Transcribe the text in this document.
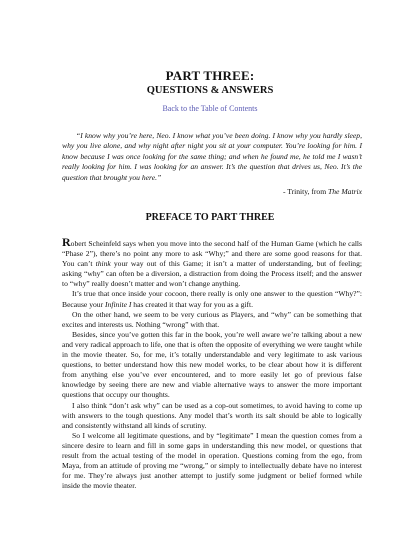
PART THREE:
QUESTIONS & ANSWERS
Back to the Table of Contents
“I know why you’re here, Neo. I know what you’ve been doing. I know why you hardly sleep, why you live alone, and why night after night you sit at your computer. You’re looking for him. I know because I was once looking for the same thing; and when he found me, he told me I wasn’t really looking for him. I was looking for an answer. It’s the question that drives us, Neo. It’s the question that brought you here.”
- Trinity, from The Matrix
PREFACE TO PART THREE

Robert Scheinfeld says when you move into the second half of the Human Game (which he calls “Phase 2”), there’s no point any more to ask “Why;” and there are some good reasons for that. You can’t think your way out of this Game; it isn’t a matter of understanding, but of feeling; asking “why” can often be a diversion, a distraction from doing the Process itself; and the answer to “why” really doesn’t matter and won’t change anything.

It’s true that once inside your cocoon, there really is only one answer to the question “Why?”: Because your Infinite I has created it that way for you as a gift.

On the other hand, we seem to be very curious as Players, and “why” can be something that excites and interests us. Nothing “wrong” with that.

Besides, since you’ve gotten this far in the book, you’re well aware we’re talking about a new and very radical approach to life, one that is often the opposite of everything we were taught while in the movie theater. So, for me, it’s totally understandable and very legitimate to ask various questions, to better understand how this new model works, to be clear about how it is different from anything else you’ve ever encountered, and to more easily let go of previous false knowledge by seeing there are new and viable alternative ways to answer the more important questions that occupy our thoughts.

I also think “don’t ask why” can be used as a cop-out sometimes, to avoid having to come up with answers to the tough questions. Any model that’s worth its salt should be able to logically and consistently withstand all kinds of scrutiny.

So I welcome all legitimate questions, and by “legitimate” I mean the question comes from a sincere desire to learn and fill in some gaps in understanding this new model, or questions that result from the actual testing of the model in operation. Questions coming from the ego, from Maya, from an attitude of proving me “wrong,” or simply to intellectually debate have no interest for me. They’re always just another attempt to justify some judgment or belief formed while inside the movie theater.
